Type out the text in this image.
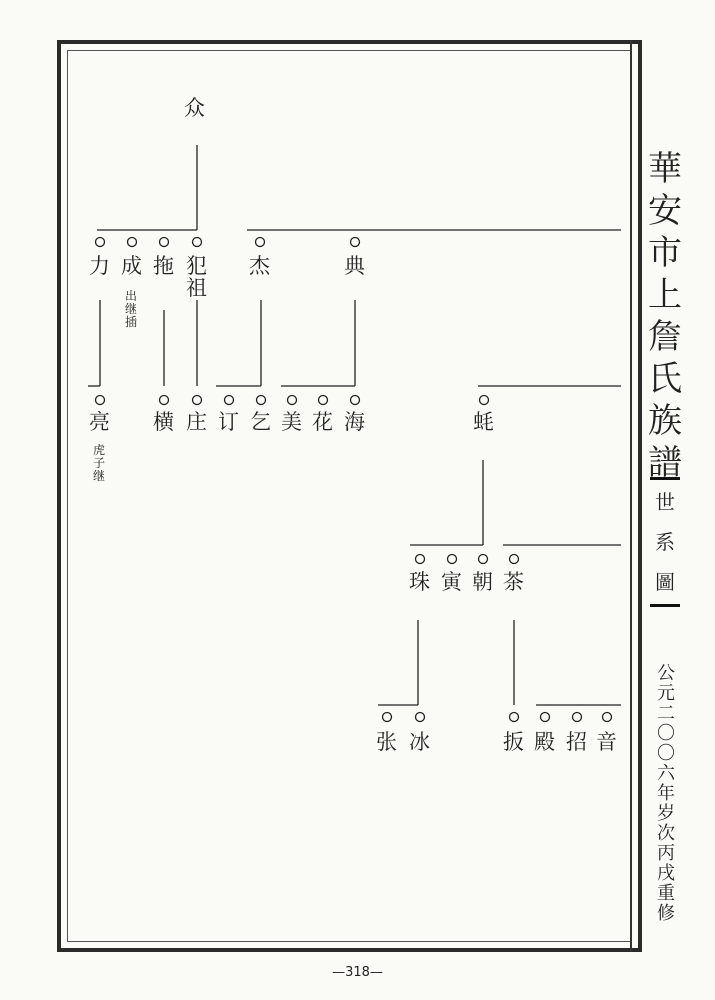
众
力 成
出继插
拖 犯
祖
杰	典
亮
虎子继
横 庄 订 乞 美 花 海	蚝
珠 寅 朝 茶
张 冰	扳 殿 招 音
華安市上詹氏族譜
世系圖
公元二〇〇六年岁次丙戌重修
—318—
